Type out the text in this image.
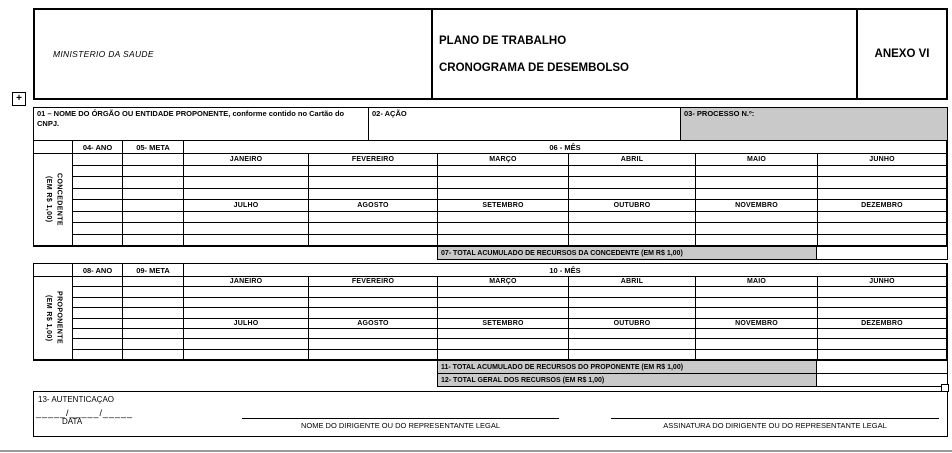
MINISTERIO DA SAUDE
PLANO DE TRABALHO
CRONOGRAMA DE DESEMBOLSO
ANEXO VI
+
01 – NOME DO ÓRGÃO OU ENTIDADE PROPONENTE, conforme contido no Cartão do CNPJ.
02- AÇÃO	03- PROCESSO N.º:
04- ANO	05- META	06 - MÊS
CONCEDENTE
(EM R$ 1,00)
JANEIRO	FEVEREIRO	MARÇO	ABRIL	MAIO	JUNHO
JULHO	AGOSTO	SETEMBRO	OUTUBRO	NOVEMBRO	DEZEMBRO
07- TOTAL ACUMULADO DE RECURSOS DA CONCEDENTE (EM R$ 1,00)
08- ANO	09- META	10 - MÊS
PROPONENTE
(EM R$ 1,00)
JANEIRO	FEVEREIRO	MARÇO	ABRIL	MAIO	JUNHO
JULHO	AGOSTO	SETEMBRO	OUTUBRO	NOVEMBRO	DEZEMBRO
11- TOTAL ACUMULADO DE RECURSOS DO PROPONENTE (EM R$ 1,00)
12- TOTAL GERAL DOS RECURSOS (EM R$ 1,00)
13- AUTENTICAÇAO
_____/_____/_____
DATA	NOME DO DIRIGENTE OU DO REPRESENTANTE LEGAL	ASSINATURA DO DIRIGENTE OU DO REPRESENTANTE LEGAL
